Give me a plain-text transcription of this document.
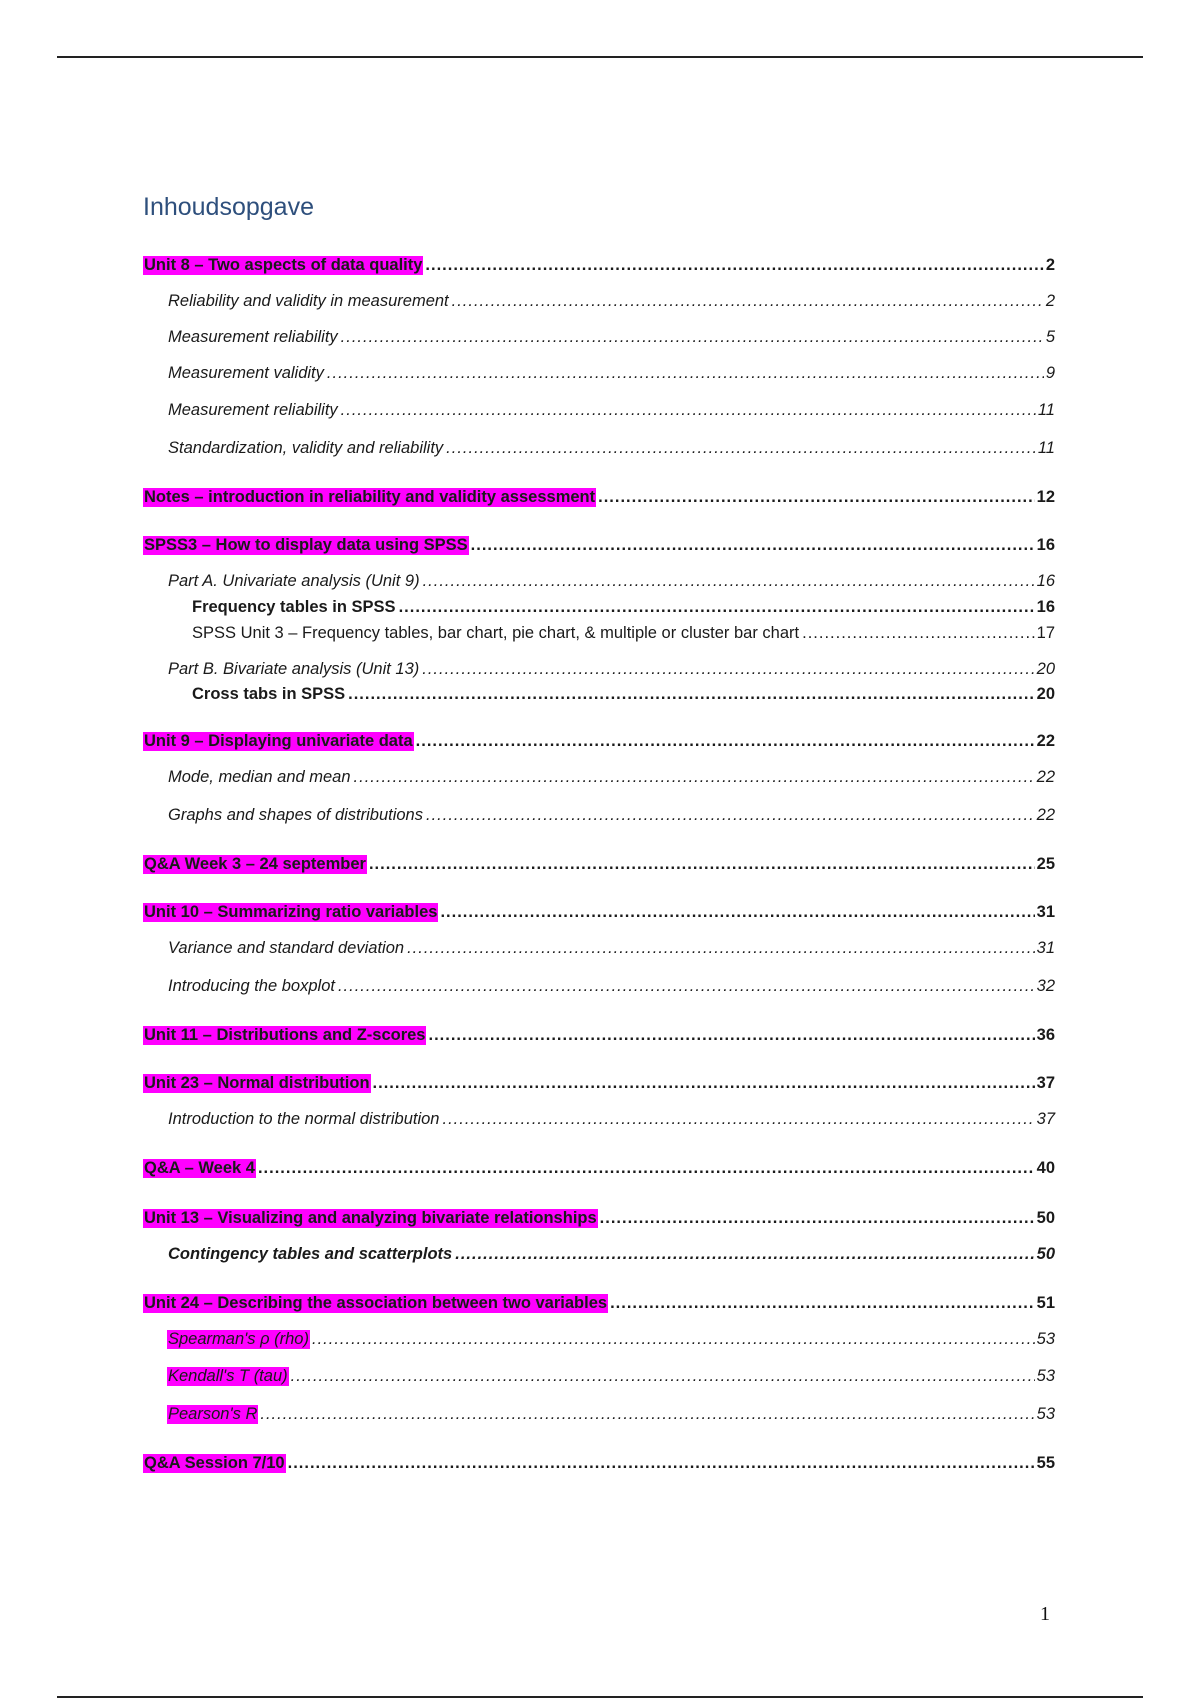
Inhoudsopgave
Unit 8 – Two aspects of data quality .....	2
Reliability and validity in measurement .....	2
Measurement reliability .....	5
Measurement validity .....	9
Measurement reliability .....	11
Standardization, validity and reliability .....	11
Notes – introduction in reliability and validity assessment .....	12
SPSS3 – How to display data using SPSS .....	16
Part A. Univariate analysis (Unit 9) .....	16
Frequency tables in SPSS .....	16
SPSS Unit 3 – Frequency tables, bar chart, pie chart, & multiple or cluster bar chart .....	17
Part B. Bivariate analysis (Unit 13) .....	20
Cross tabs in SPSS .....	20
Unit 9 – Displaying univariate data .....	22
Mode, median and mean .....	22
Graphs and shapes of distributions .....	22
Q&A Week 3 – 24 september .....	25
Unit 10 – Summarizing ratio variables .....	31
Variance and standard deviation .....	31
Introducing the boxplot .....	32
Unit 11 – Distributions and Z-scores .....	36
Unit 23 – Normal distribution .....	37
Introduction to the normal distribution .....	37
Q&A – Week 4 .....	40
Unit 13 – Visualizing and analyzing bivariate relationships .....	50
Contingency tables and scatterplots .....	50
Unit 24 – Describing the association between two variables .....	51
Spearman's ρ (rho) .....	53
Kendall's T (tau) .....	53
Pearson's R .....	53
Q&A Session 7/10 .....	55
1
